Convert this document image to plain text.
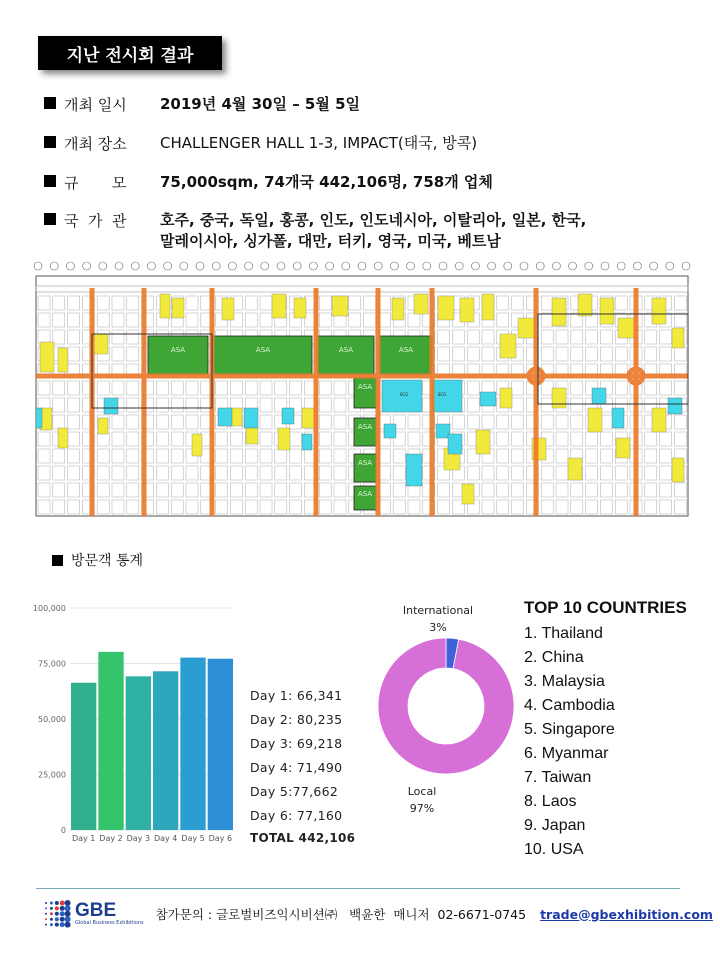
지난 전시회 결과
개최 일시	2019년 4월 30일 – 5월 5일
개최 장소	CHALLENGER HALL 1-3, IMPACT(태국, 방콕)
규       모	75,000sqm, 74개국 442,106명, 758개 업체
국  가  관	호주, 중국, 독일, 홍콩, 인도, 인도네시아, 이탈리아, 일본, 한국,
말레이시아, 싱가폴, 대만, 터키, 영국, 미국, 베트남
ASA	ASA	ASA	ASA
ASA
ASA
ASA
ASA
SCG	SCG
방문객 통계
0
25,000
50,000
75,000
100,000
Day 1 Day 2 Day 3 Day 4 Day 5 Day 6
Day 1: 66,341
Day 2: 80,235
Day 3: 69,218
Day 4: 71,490
Day 5:77,662
Day 6: 77,160
TOTAL 442,106
International
3%
Local
97%
TOP 10 COUNTRIES
1. Thailand
2. China
3. Malaysia
4. Cambodia
5. Singapore
6. Myanmar
7. Taiwan
8. Laos
9. Japan
10. USA
GBE
Global Business Exhibitions
참가문의 : 글로벌비즈익시비션㈜   백윤한  매니저  02-6671-0745 trade@gbexhibition.com
